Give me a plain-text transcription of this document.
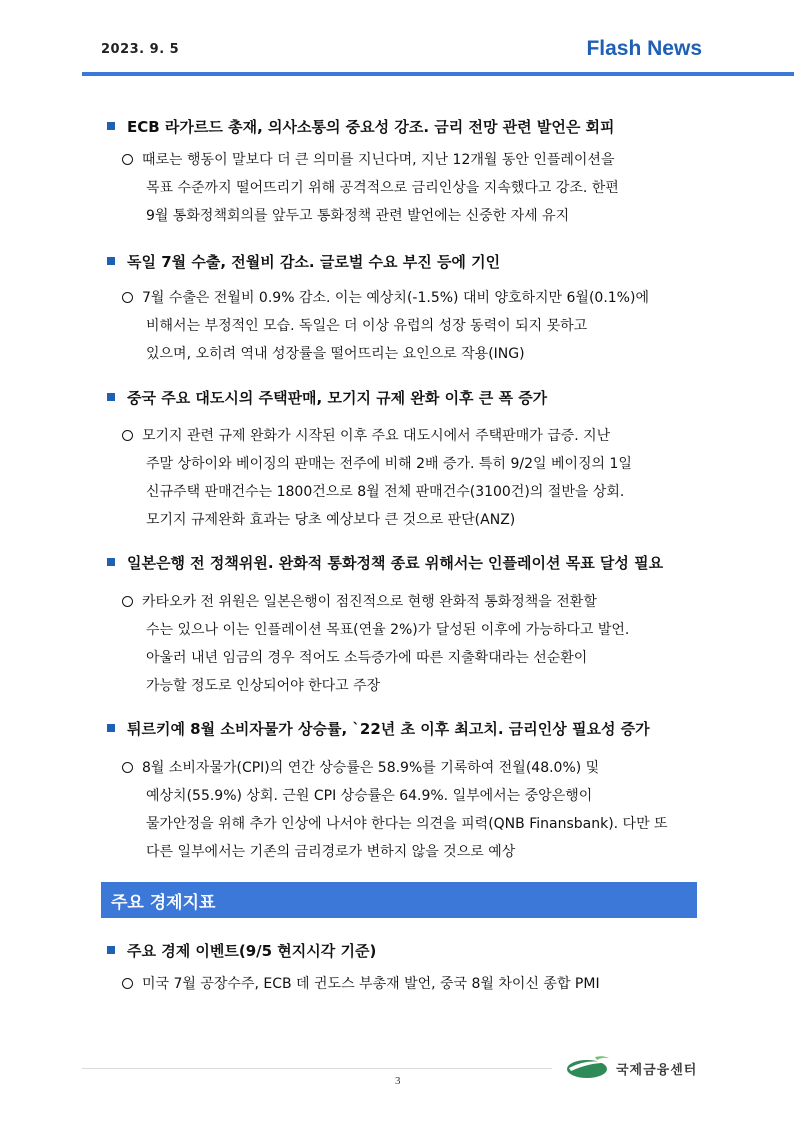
2023. 9. 5	Flash News
ECB 라가르드 총재, 의사소통의 중요성 강조. 금리 전망 관련 발언은 회피
때로는 행동이 말보다 더 큰 의미를 지닌다며, 지난 12개월 동안 인플레이션을
목표 수준까지 떨어뜨리기 위해 공격적으로 금리인상을 지속했다고 강조. 한편
9월 통화정책회의를 앞두고 통화정책 관련 발언에는 신중한 자세 유지
독일 7월 수출, 전월비 감소. 글로벌 수요 부진 등에 기인
7월 수출은 전월비 0.9% 감소. 이는 예상치(-1.5%) 대비 양호하지만 6월(0.1%)에
비해서는 부정적인 모습. 독일은 더 이상 유럽의 성장 동력이 되지 못하고
있으며, 오히려 역내 성장률을 떨어뜨리는 요인으로 작용(ING)
중국 주요 대도시의 주택판매, 모기지 규제 완화 이후 큰 폭 증가
모기지 관련 규제 완화가 시작된 이후 주요 대도시에서 주택판매가 급증. 지난
주말 상하이와 베이징의 판매는 전주에 비해 2배 증가. 특히 9/2일 베이징의 1일
신규주택 판매건수는 1800건으로 8월 전체 판매건수(3100건)의 절반을 상회.
모기지 규제완화 효과는 당초 예상보다 큰 것으로 판단(ANZ)
일본은행 전 정책위원. 완화적 통화정책 종료 위해서는 인플레이션 목표 달성 필요
카타오카 전 위원은 일본은행이 점진적으로 현행 완화적 통화정책을 전환할
수는 있으나 이는 인플레이션 목표(연율 2%)가 달성된 이후에 가능하다고 발언.
아울러 내년 임금의 경우 적어도 소득증가에 따른 지출확대라는 선순환이
가능할 정도로 인상되어야 한다고 주장
튀르키예 8월 소비자물가 상승률, `22년 초 이후 최고치. 금리인상 필요성 증가
8월 소비자물가(CPI)의 연간 상승률은 58.9%를 기록하여 전월(48.0%) 및
예상치(55.9%) 상회. 근원 CPI 상승률은 64.9%. 일부에서는 중앙은행이
물가안정을 위해 추가 인상에 나서야 한다는 의견을 피력(QNB Finansbank). 다만 또
다른 일부에서는 기존의 금리경로가 변하지 않을 것으로 예상
주요 경제지표
주요 경제 이벤트(9/5 현지시각 기준)
미국 7월 공장수주, ECB 데 귄도스 부총재 발언, 중국 8월 차이신 종합 PMI
3
국제금융센터
